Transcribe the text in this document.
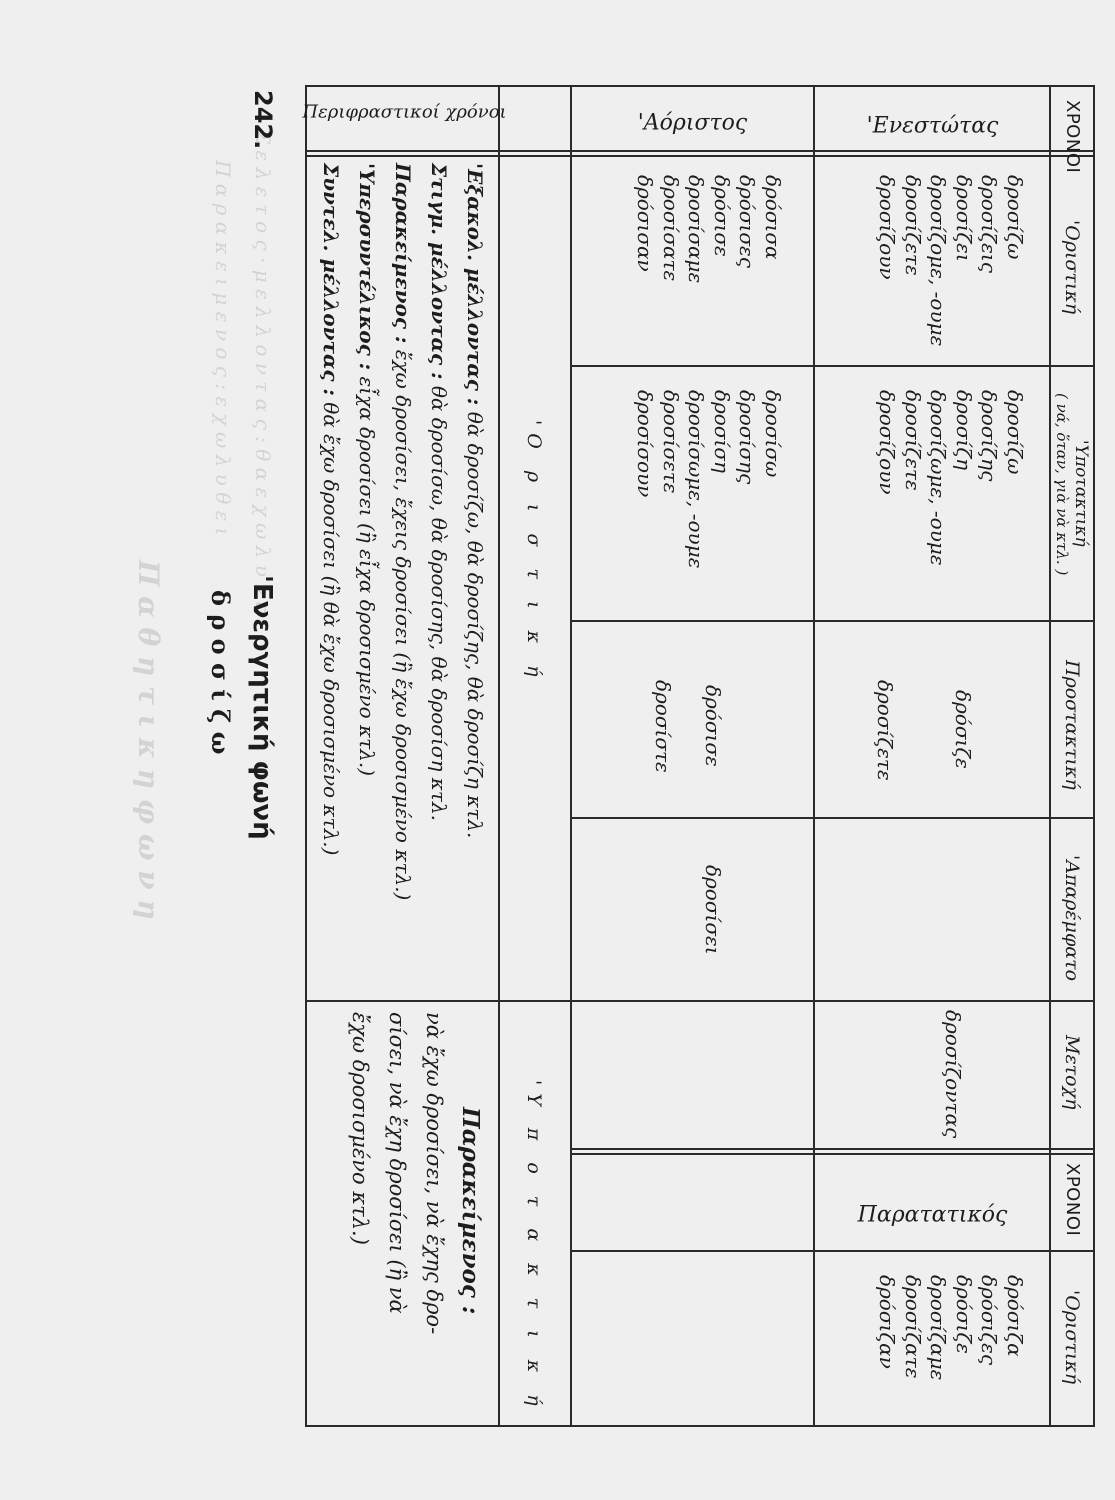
Σ ε λ ε τ ο ς · μ ε λ λ ο ν τ α ς : θ α ε χ ω λ υ ν ε ι
Π α ρ α κ ε ι μ ε ν ο ς : ε χ ω λ υ θ ε ι
Π α θ η τ ι κ η φ ω ν η
242.
'Ενεργητική φωνή
δ ρ ο σ ί ζ ω
ΧΡΟΝΟΙ
'Οριστική
'Υποτακτική
( νά, ὅταν, γιὰ νὰ κτλ. )
Προστακτική
'Απαρέμφατο
Μετοχή
ΧΡΟΝΟΙ
'Οριστική
'Ενεστώτας
'Αόριστος
Περιφραστικοί χρόνοι
Παρατατικός
δροσίζω
δροσίζεις
δροσίζει
δροσίζομε, -ουμε
δροσίζετε
δροσίζουν
δροσίζω
δροσίζης
δροσίζη
δροσίζωμε, -ουμε
δροσίζετε
δροσίζουν
δρόσιζε
δροσίζετε
δροσίζοντας
δρόσιζα
δρόσιζες
δρόσιζε
δροσίζαμε
δροσίζατε
δρόσιζαν
δρόσισα
δρόσισες
δρόσισε
δροσίσαμε
δροσίσατε
δρόσισαν
δροσίσω
δροσίσης
δροσίση
δροσίσωμε, -ουμε
δροσίσετε
δροσίσουν
δρόσισε
δροσίστε
δροσίσει
'Ο ρ ι σ τ ι κ ή
'Υ π ο τ α κ τ ι κ ή
'Εξακολ. μέλλοντας : θὰ δροσίζω, θὰ δροσίζης, θὰ δροσίζη κτλ.
Στιγμ. μέλλοντας : θὰ δροσίσω, θὰ δροσίσης, θὰ δροσίση κτλ.
Παρακείμενος : ἔχω δροσίσει, ἔχεις δροσίσει (ἢ ἔχω δροσισμένο κτλ.)
'Υπερσυντέλικος : εἶχα δροσίσει (ἢ εἶχα δροσισμένο κτλ.)
Συντελ. μέλλοντας : θὰ ἔχω δροσίσει (ἢ θὰ ἔχω δροσισμένο κτλ.)
Παρακείμενος :
νὰ ἔχω δροσίσει, νὰ ἔχης δρο-
σίσει, νὰ ἔχη δροσίσει (ἢ νὰ
ἔχω δροσισμένο κτλ.)
